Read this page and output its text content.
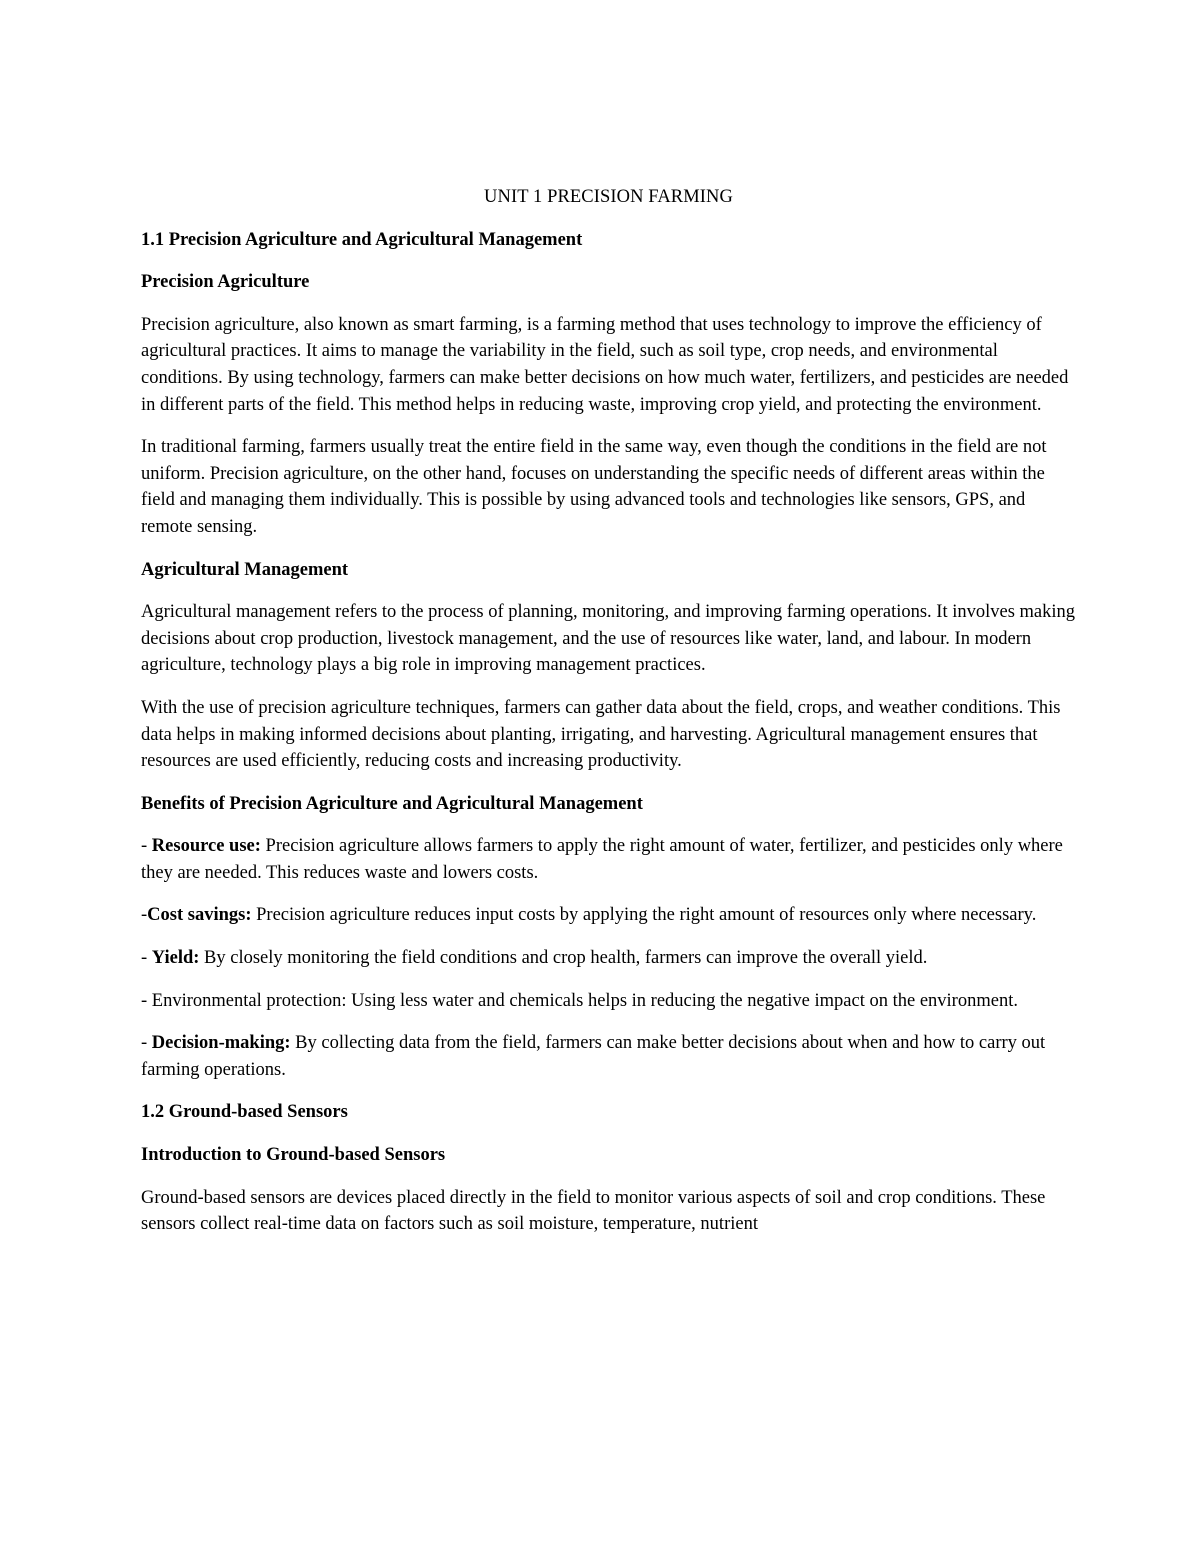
UNIT 1 PRECISION FARMING
1.1 Precision Agriculture and Agricultural Management
Precision Agriculture

Precision agriculture, also known as smart farming, is a farming method that uses technology to improve the efficiency of agricultural practices. It aims to manage the variability in the field, such as soil type, crop needs, and environmental conditions. By using technology, farmers can make better decisions on how much water, fertilizers, and pesticides are needed in different parts of the field. This method helps in reducing waste, improving crop yield, and protecting the environment.

In traditional farming, farmers usually treat the entire field in the same way, even though the conditions in the field are not uniform. Precision agriculture, on the other hand, focuses on understanding the specific needs of different areas within the field and managing them individually. This is possible by using advanced tools and technologies like sensors, GPS, and remote sensing.

Agricultural Management

Agricultural management refers to the process of planning, monitoring, and improving farming operations. It involves making decisions about crop production, livestock management, and the use of resources like water, land, and labour. In modern agriculture, technology plays a big role in improving management practices.

With the use of precision agriculture techniques, farmers can gather data about the field, crops, and weather conditions. This data helps in making informed decisions about planting, irrigating, and harvesting. Agricultural management ensures that resources are used efficiently, reducing costs and increasing productivity.

Benefits of Precision Agriculture and Agricultural Management

- Resource use: Precision agriculture allows farmers to apply the right amount of water, fertilizer, and pesticides only where they are needed. This reduces waste and lowers costs.

-Cost savings: Precision agriculture reduces input costs by applying the right amount of resources only where necessary.

- Yield: By closely monitoring the field conditions and crop health, farmers can improve the overall yield.

- Environmental protection: Using less water and chemicals helps in reducing the negative impact on the environment.

- Decision-making: By collecting data from the field, farmers can make better decisions about when and how to carry out farming operations.

1.2 Ground-based Sensors
Introduction to Ground-based Sensors

Ground-based sensors are devices placed directly in the field to monitor various aspects of soil and crop conditions. These sensors collect real-time data on factors such as soil moisture, temperature, nutrient
